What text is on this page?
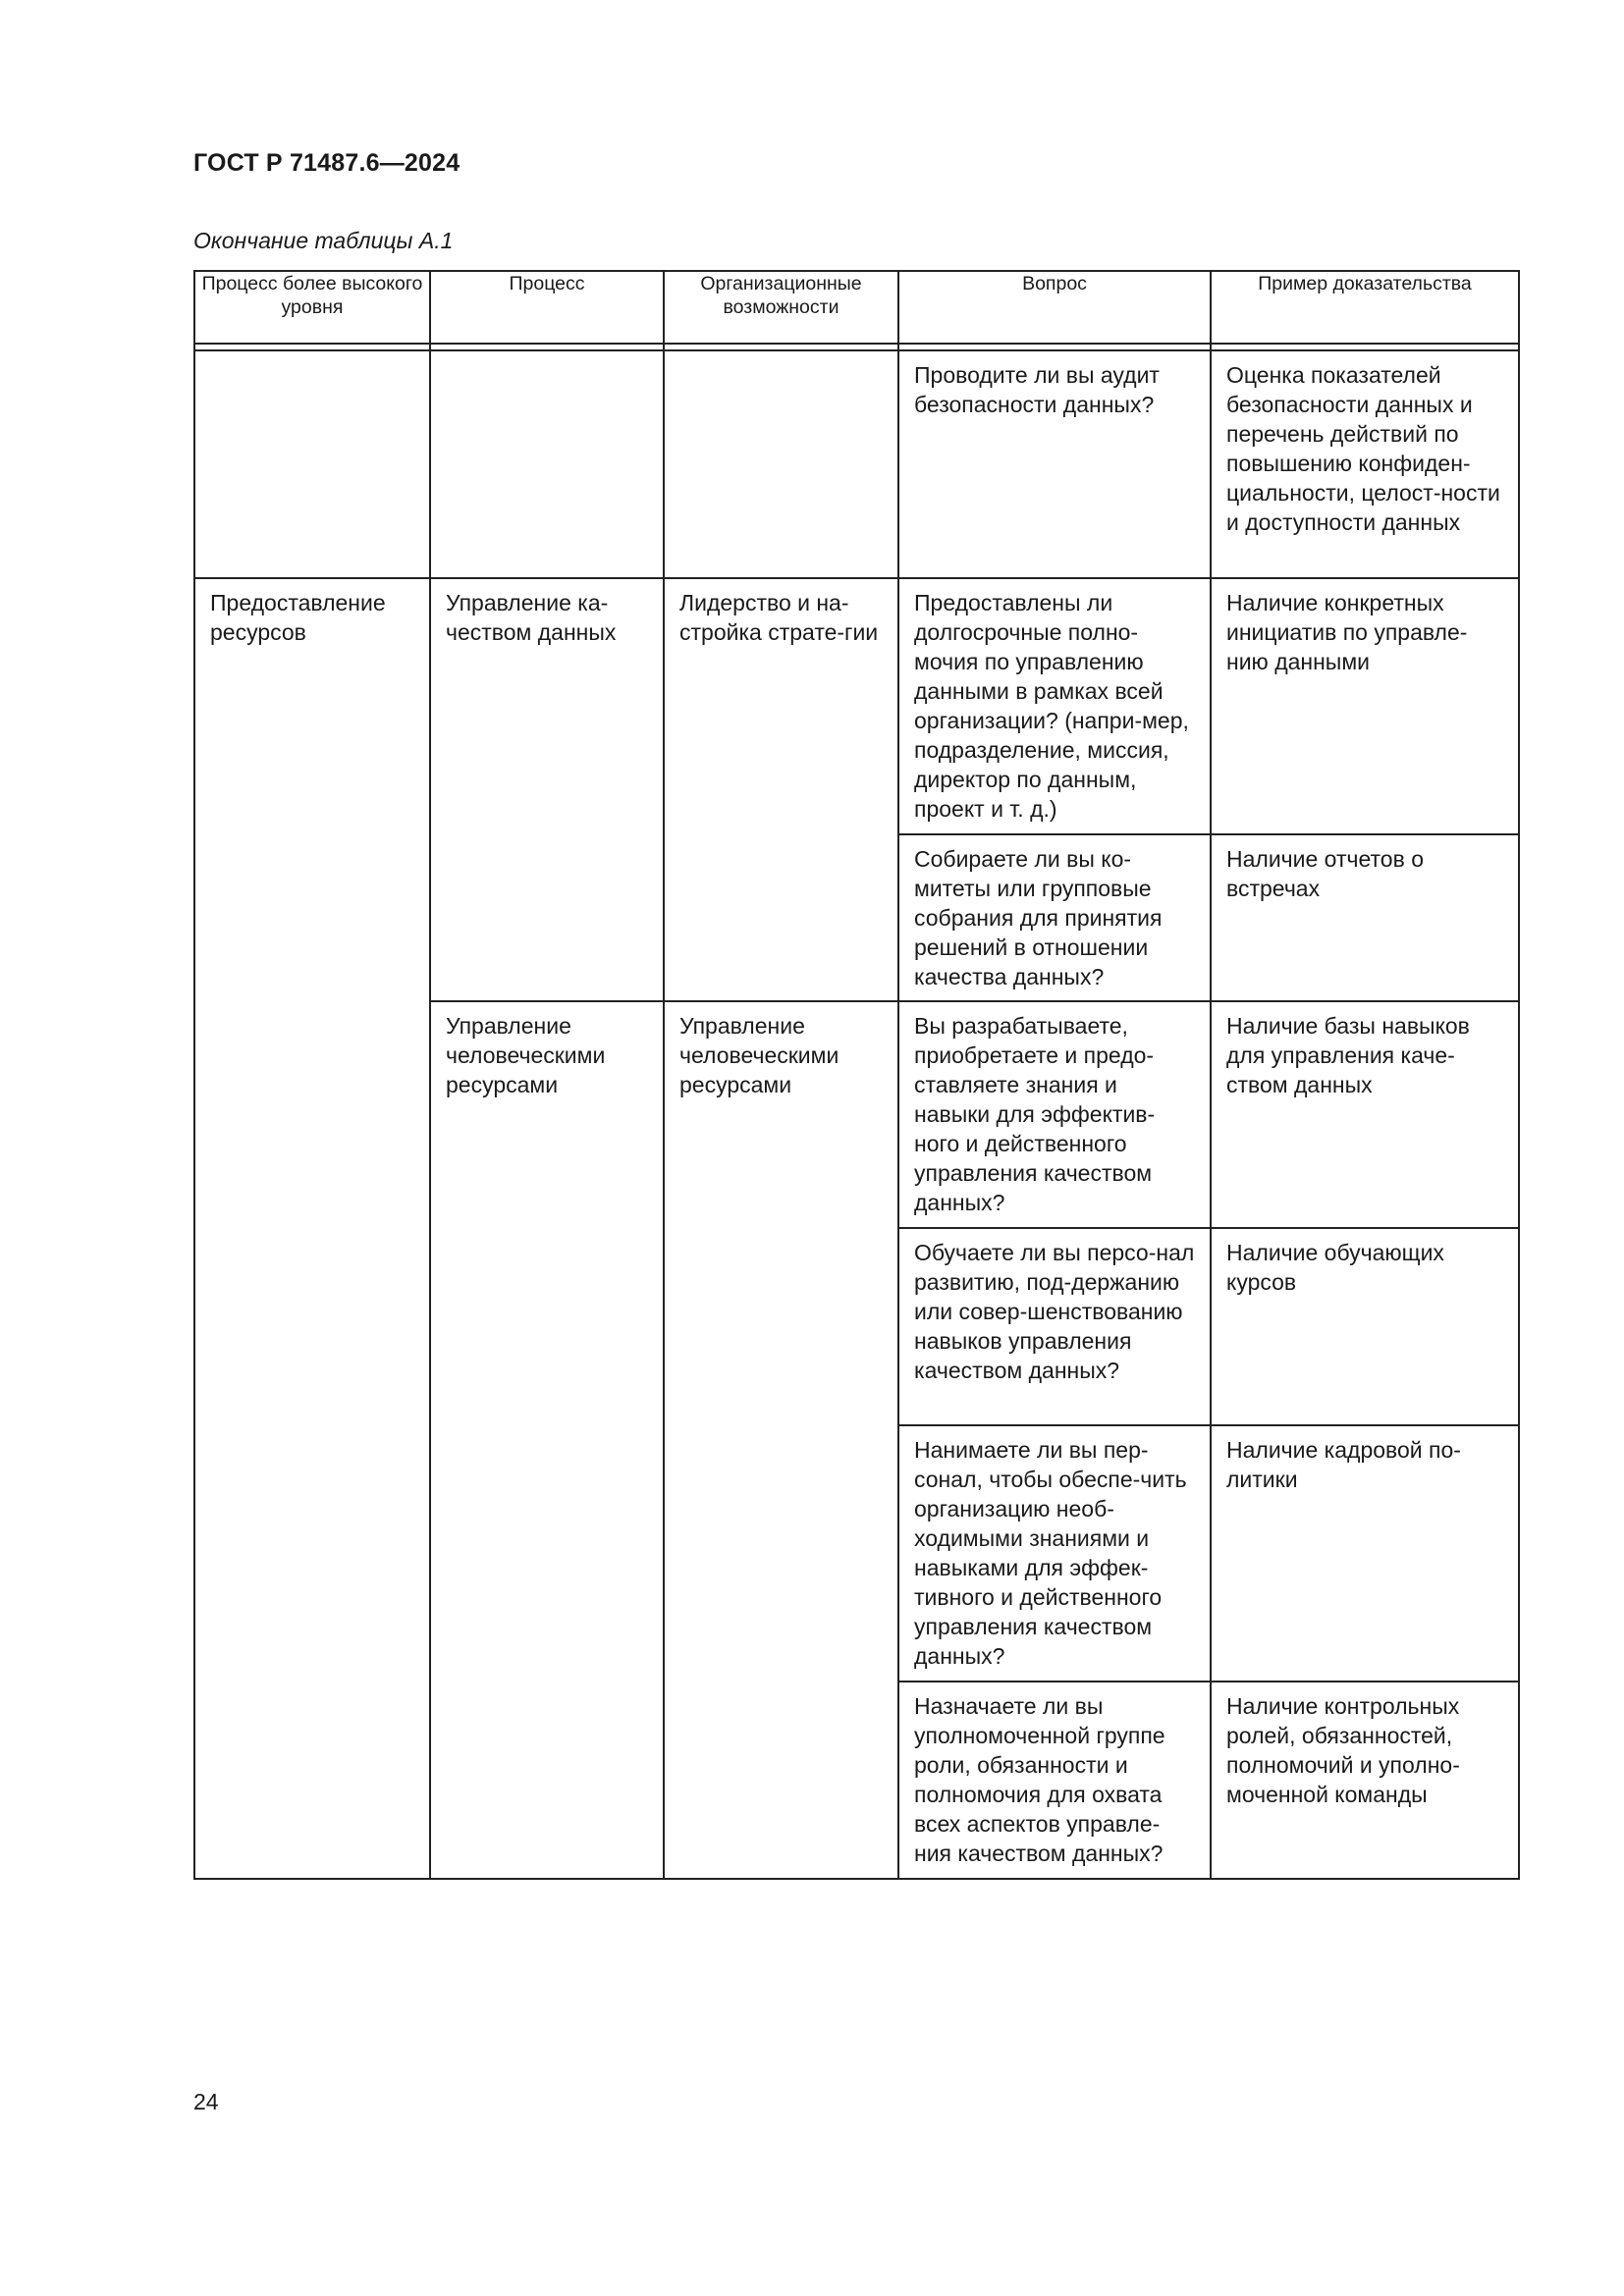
ГОСТ Р 71487.6—2024
Окончание таблицы А.1
Процесс более высокого уровня	Процесс	Организационные возможности	Вопрос	Пример доказательства

			Проводите ли вы аудит безопасности данных?	Оценка показателей безопасности данных и перечень действий по повышению конфиден-циальности, целост-ности и доступности данных

Предоставление ресурсов	Управление ка-чеством данных	Лидерство и на-стройка страте-гии	Предоставлены ли долгосрочные полно-мочия по управлению данными в рамках всей организации? (напри-мер, подразделение, миссия, директор по данным, проект и т. д.)	Наличие конкретных инициатив по управле-нию данными

			Собираете ли вы ко-митеты или групповые собрания для принятия решений в отношении качества данных?	Наличие отчетов о встречах

	Управление человеческими ресурсами	Управление человеческими ресурсами	Вы разрабатываете, приобретаете и предо-ставляете знания и навыки для эффектив-ного и действенного управления качеством данных?	Наличие базы навыков для управления каче-ством данных

			Обучаете ли вы персо-нал развитию, под-держанию или совер-шенствованию навыков управления качеством данных?	Наличие обучающих курсов

			Нанимаете ли вы пер-сонал, чтобы обеспе-чить организацию необ-ходимыми знаниями и навыками для эффек-тивного и действенного управления качеством данных?	Наличие кадровой по-литики

			Назначаете ли вы уполномоченной группе роли, обязанности и полномочия для охвата всех аспектов управле-ния качеством данных?	Наличие контрольных ролей, обязанностей, полномочий и уполно-моченной команды
24
